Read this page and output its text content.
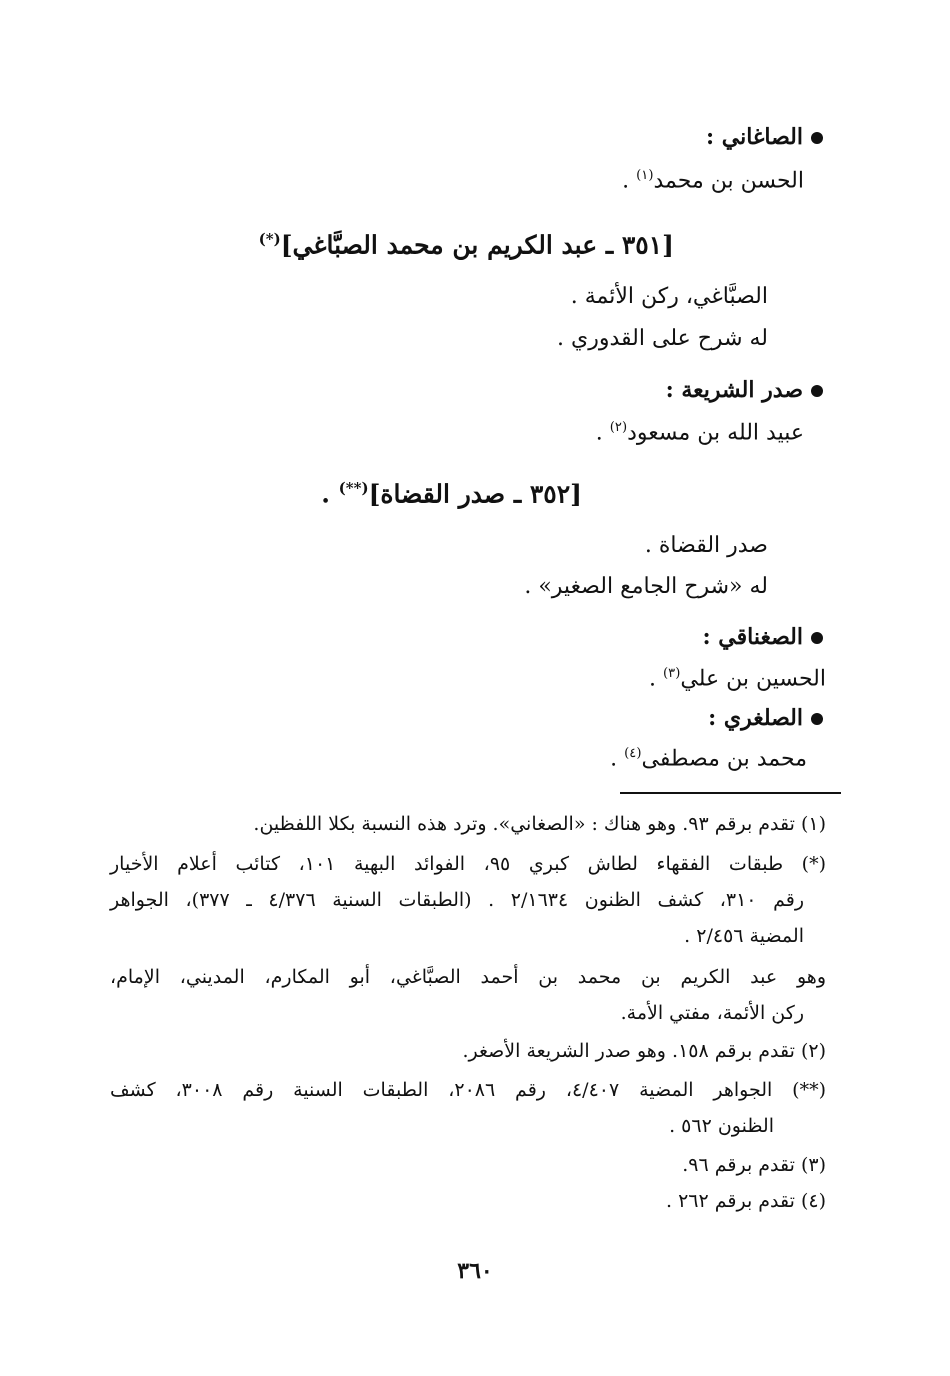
الصاغاني :
الحسن بن محمد$^{(١)}$ .
[٣٥١ ـ عبد الكريم بن محمد الصبَّاغي](*)
الصبَّاغي، ركن الأئمة .
له شرح على القدوري .
صدر الشريعة :
عبيد الله بن مسعود$^{(٢)}$ .
[٣٥٢ ـ صدر القضاة](**) .
صدر القضاة .
له «شرح الجامع الصغير» .
الصغناقي :
الحسين بن علي$^{(٣)}$ .
الصلغري :
محمد بن مصطفى$^{(٤)}$ .
(١) تقدم برقم ٩٣. وهو هناك : «الصغاني». وترد هذه النسبة بكلا اللفظين.
(*) طبقات الفقهاء لطاش كبري ٩٥، الفوائد البهية ١٠١، كتائب أعلام الأخيار
رقم ٣١٠، كشف الظنون ٢/١٦٣٤ . (الطبقات السنية ٤/٣٧٦ ـ ٣٧٧)، الجواهر
المضية ٢/٤٥٦ .
وهو عبد الكريم بن محمد بن أحمد الصبَّاغي، أبو المكارم، المديني، الإمام،
ركن الأئمة، مفتي الأمة.
(٢) تقدم برقم ١٥٨. وهو صدر الشريعة الأصغر.
(**) الجواهر المضية ٤/٤٠٧، رقم ٢٠٨٦، الطبقات السنية رقم ٣٠٠٨، كشف
الظنون ٥٦٢ .
(٣) تقدم برقم ٩٦.
(٤) تقدم برقم ٢٦٢ .
٣٦٠
